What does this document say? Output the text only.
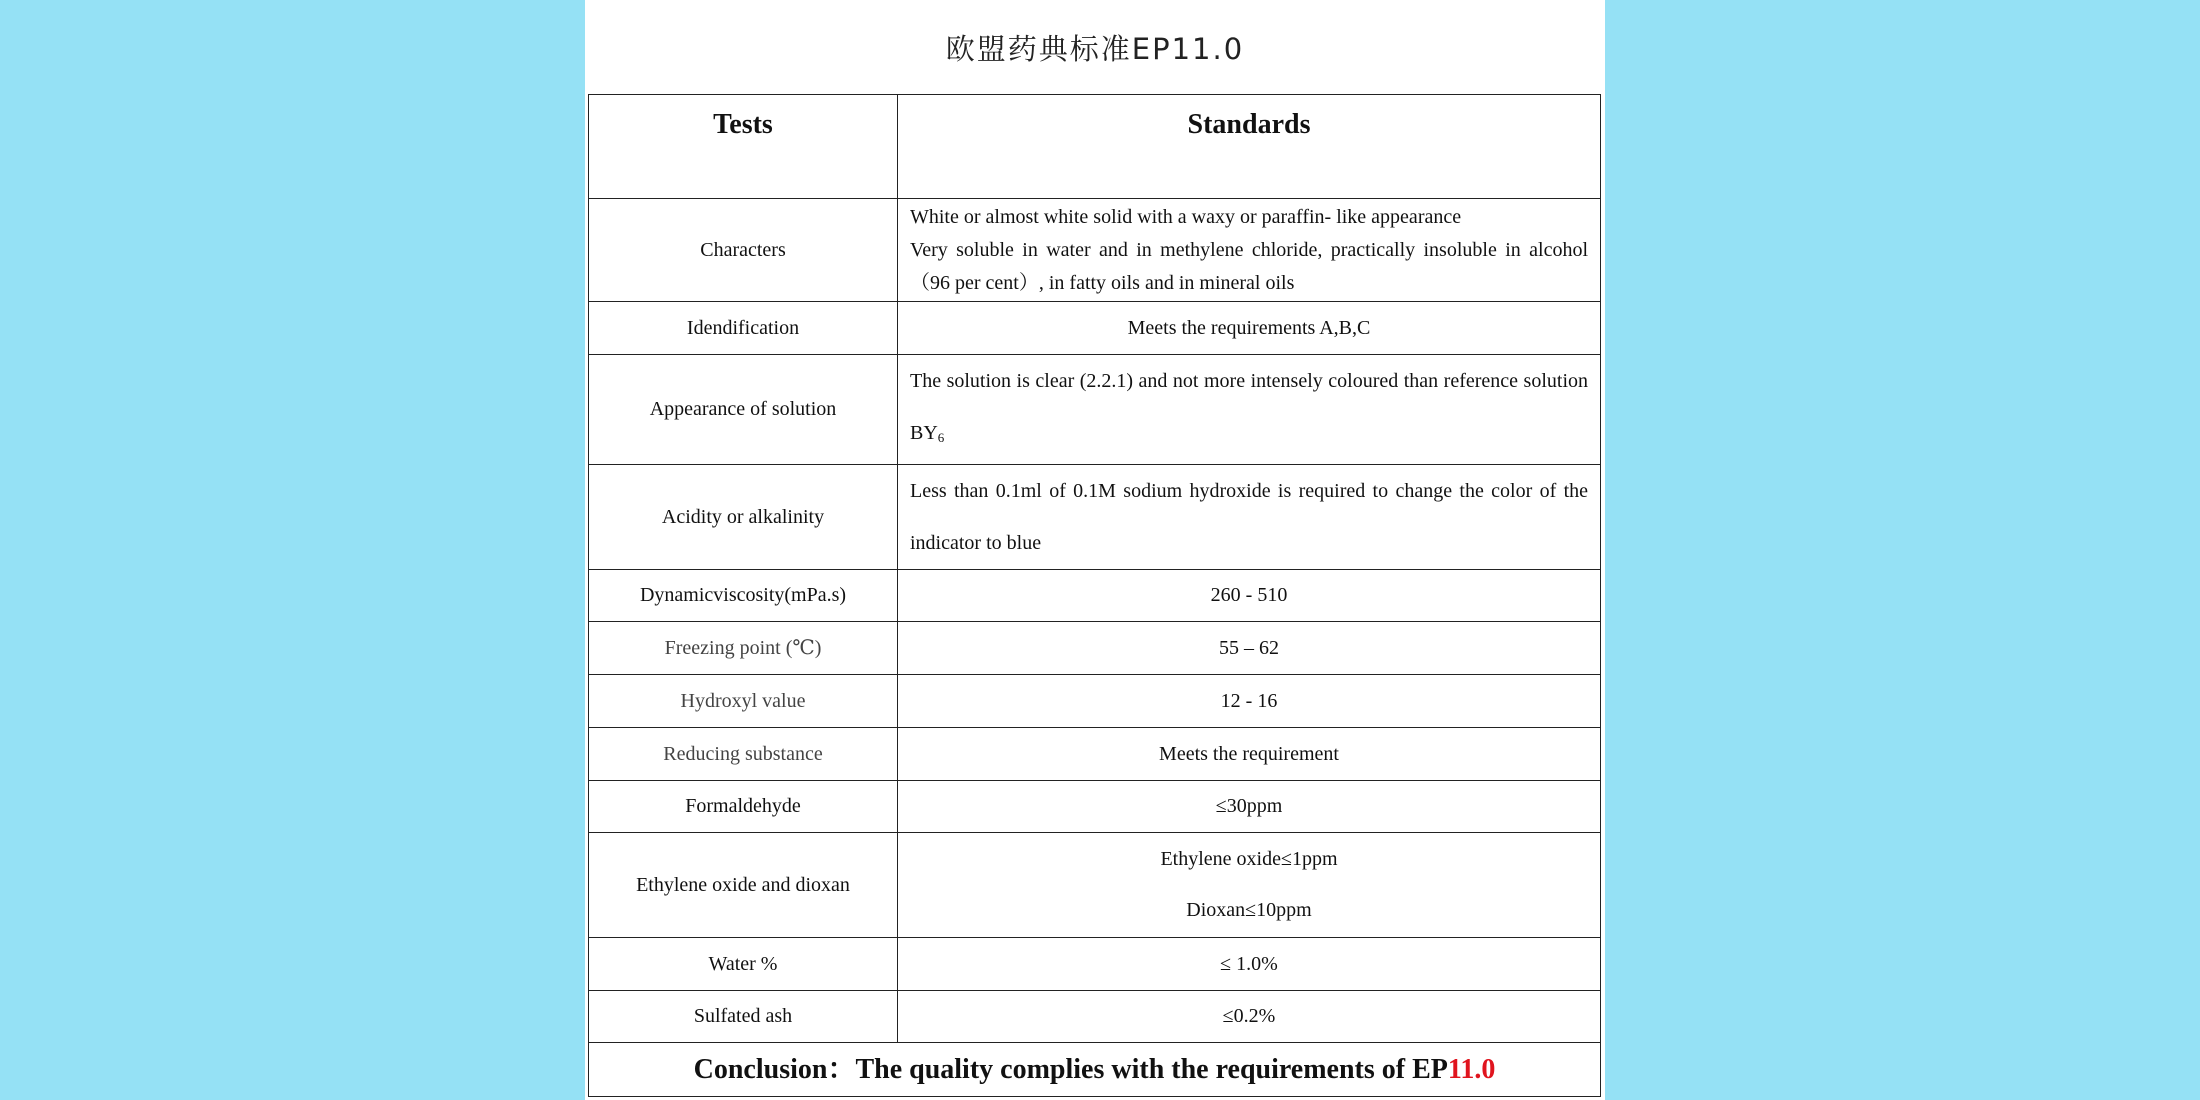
欧盟药典标准EP11.0
Tests	Standards
Characters	White or almost white solid with a waxy or paraffin- like appearance
Very soluble in water and in methylene chloride, practically insoluble in alcohol （96 per cent）, in fatty oils and in mineral oils

Idendification	Meets the requirements A,B,C
Appearance of solution	The solution is clear (2.2.1) and not more intensely coloured than reference solution $BY_6$
Acidity or alkalinity	Less than 0.1ml of 0.1M sodium hydroxide is required to change the color of the      indicator to blue
Dynamicviscosity(mPa.s)	260 - 510
Freezing point (℃)	55 – 62
Hydroxyl value	12 - 16
Reducing substance	Meets the requirement
Formaldehyde	≤30ppm
Ethylene oxide and dioxan	Ethylene oxide≤1ppm
Dioxan≤10ppm

Water %	≤ 1.0%
Sulfated ash	≤0.2%
Conclusion：The quality complies with the requirements of EP11.0	
